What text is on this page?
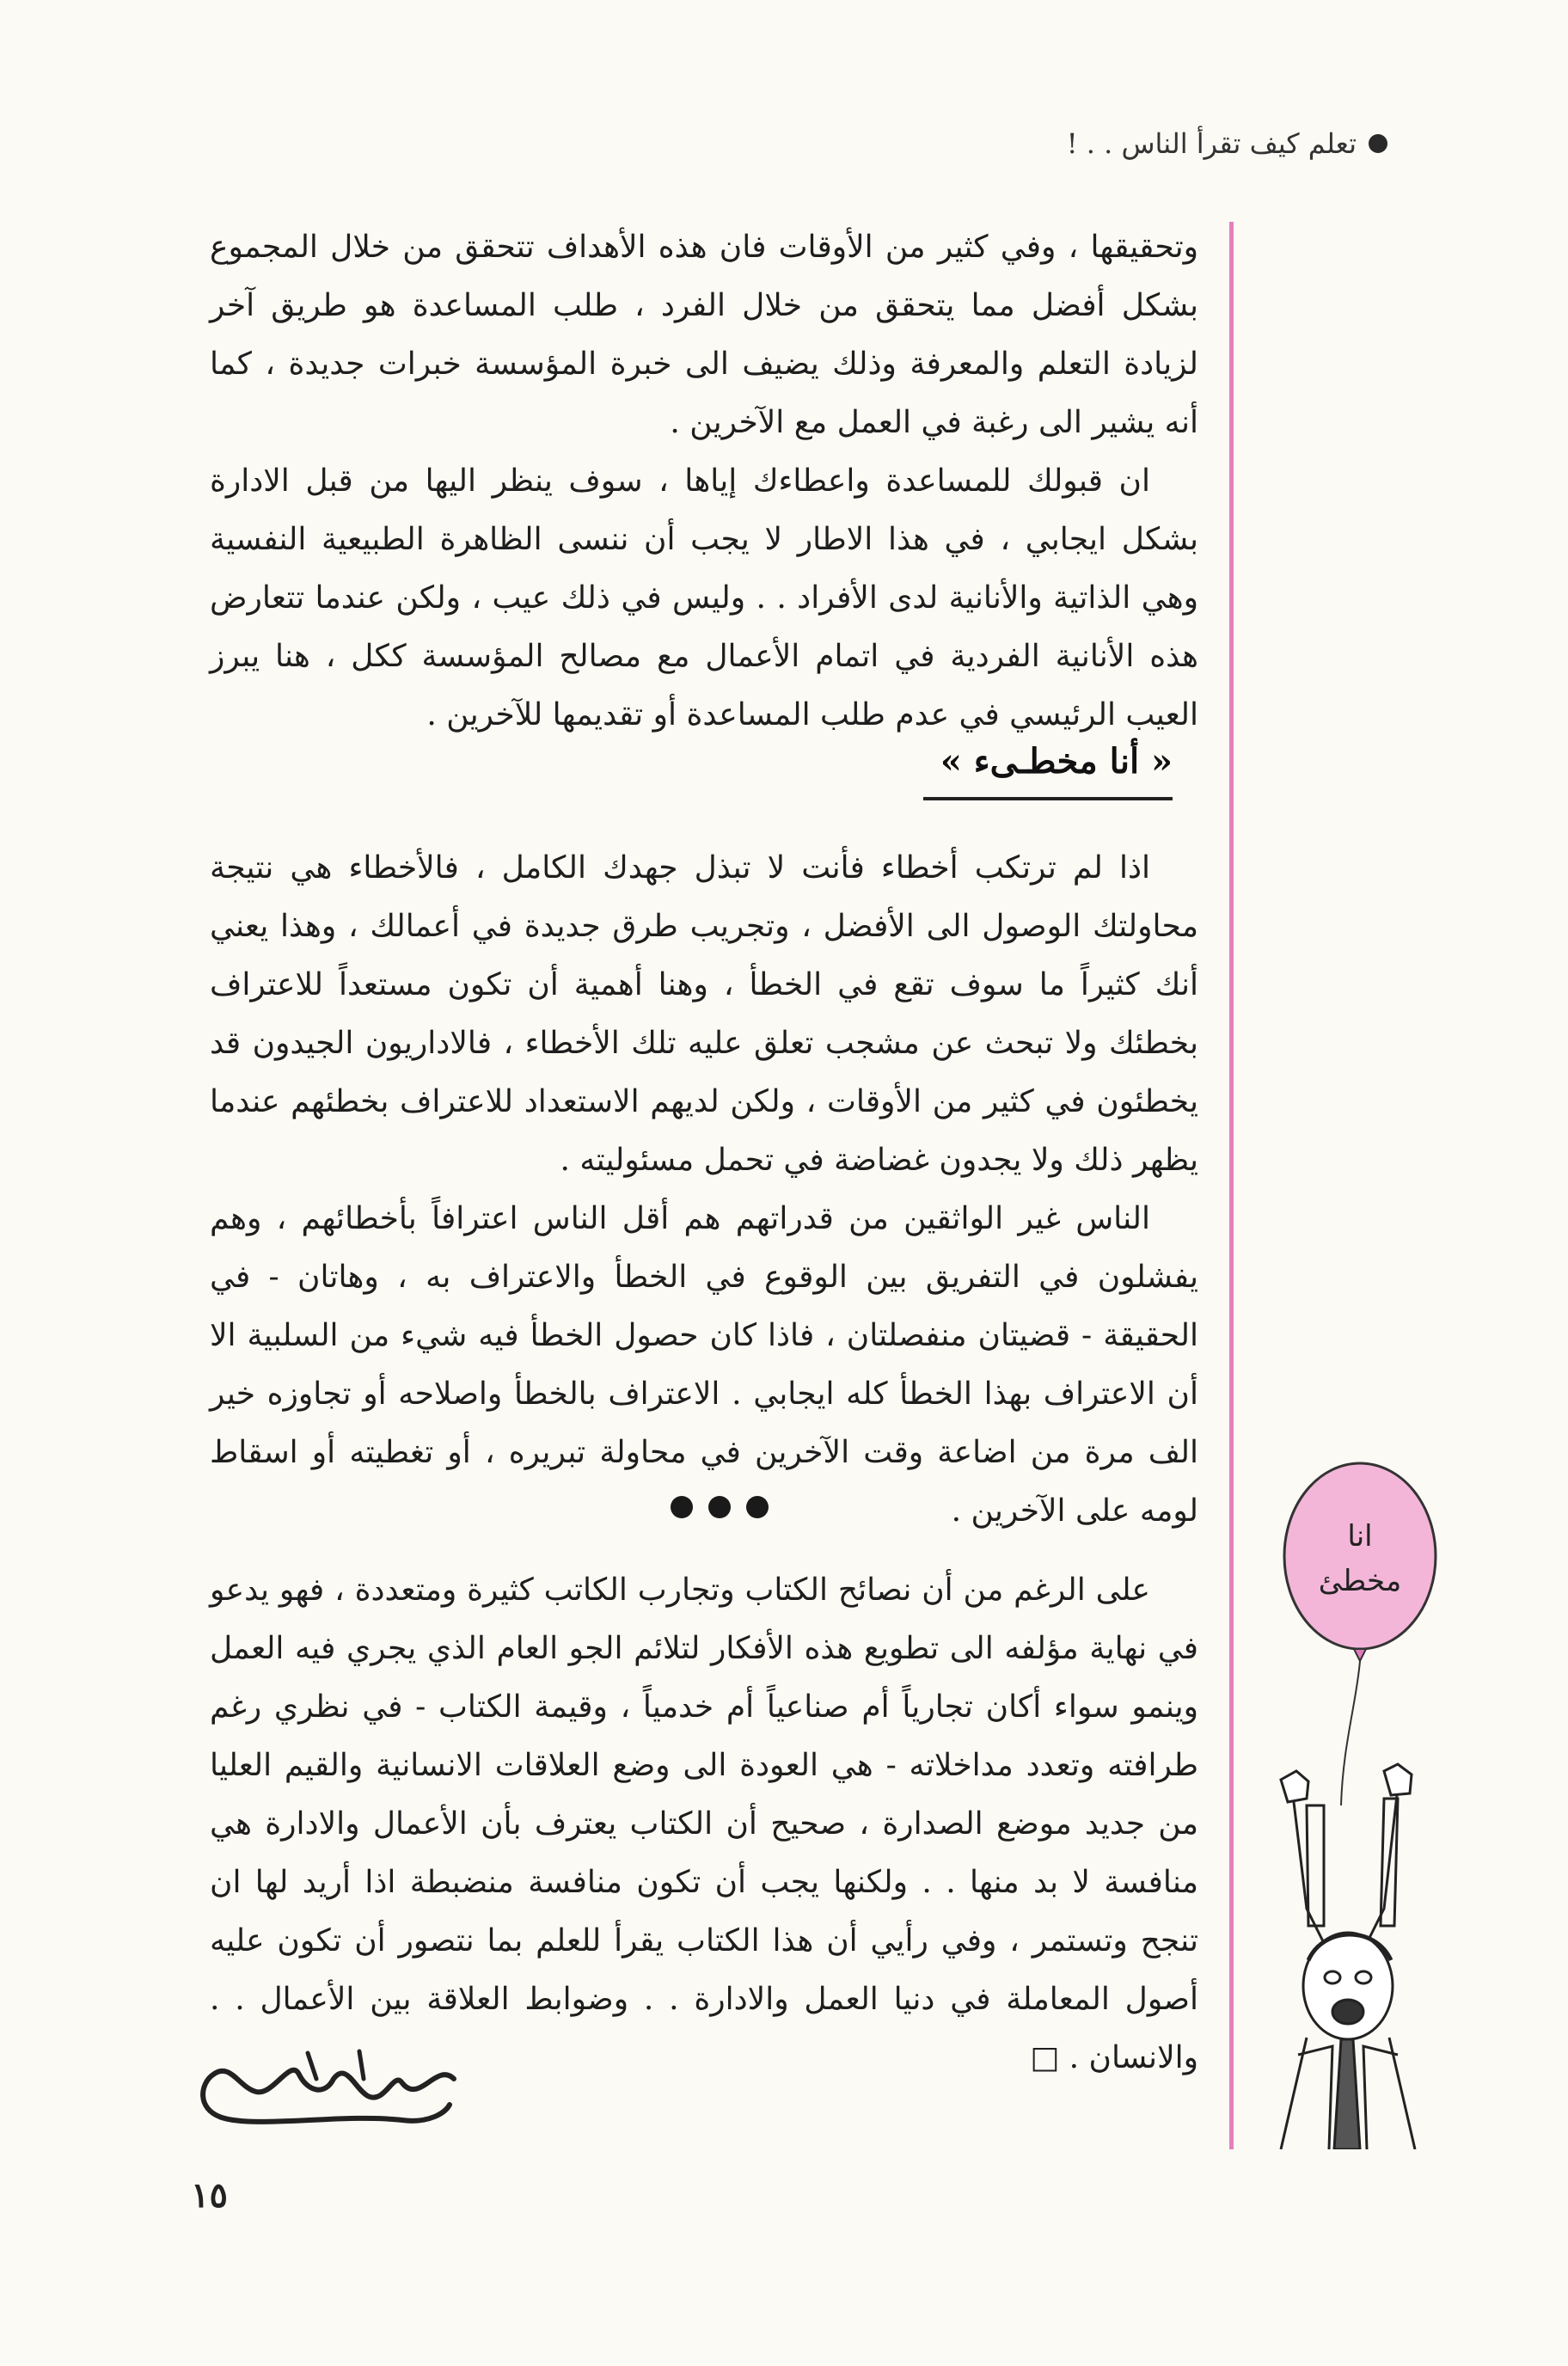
تعلم كيف تقرأ الناس . . !

وتحقيقها ، وفي كثير من الأوقات فان هذه الأهداف تتحقق من خلال المجموع بشكل أفضل مما يتحقق من خلال الفرد ، طلب المساعدة هو طريق آخر لزيادة التعلم والمعرفة وذلك يضيف الى خبرة المؤسسة خبرات جديدة ، كما أنه يشير الى رغبة في العمل مع الآخرين .

ان قبولك للمساعدة واعطاءك إياها ، سوف ينظر اليها من قبل الادارة بشكل ايجابي ، في هذا الاطار لا يجب أن ننسى الظاهرة الطبيعية النفسية وهي الذاتية والأنانية لدى الأفراد . . وليس في ذلك عيب ، ولكن عندما تتعارض هذه الأنانية الفردية في اتمام الأعمال مع مصالح المؤسسة ككل ، هنا يبرز العيب الرئيسي في عدم طلب المساعدة أو تقديمها للآخرين .

« أنا مخطـىء »

اذا لم ترتكب أخطاء فأنت لا تبذل جهدك الكامل ، فالأخطاء هي نتيجة محاولتك الوصول الى الأفضل ، وتجريب طرق جديدة في أعمالك ، وهذا يعني أنك كثيراً ما سوف تقع في الخطأ ، وهنا أهمية أن تكون مستعداً للاعتراف بخطئك ولا تبحث عن مشجب تعلق عليه تلك الأخطاء ، فالاداريون الجيدون قد يخطئون في كثير من الأوقات ، ولكن لديهم الاستعداد للاعتراف بخطئهم عندما يظهر ذلك ولا يجدون غضاضة في تحمل مسئوليته .

الناس غير الواثقين من قدراتهم هم أقل الناس اعترافاً بأخطائهم ، وهم يفشلون في التفريق بين الوقوع في الخطأ والاعتراف به ، وهاتان - في الحقيقة - قضيتان منفصلتان ، فاذا كان حصول الخطأ فيه شيء من السلبية الا أن الاعتراف بهذا الخطأ كله ايجابي . الاعتراف بالخطأ واصلاحه أو تجاوزه خير الف مرة من اضاعة وقت الآخرين في محاولة تبريره ، أو تغطيته أو اسقاط لومه على الآخرين .

على الرغم من أن نصائح الكتاب وتجارب الكاتب كثيرة ومتعددة ، فهو يدعو في نهاية مؤلفه الى تطويع هذه الأفكار لتلائم الجو العام الذي يجري فيه العمل وينمو سواء أكان تجارياً أم صناعياً أم خدمياً ، وقيمة الكتاب - في نظري رغم طرافته وتعدد مداخلاته - هي العودة الى وضع العلاقات الانسانية والقيم العليا من جديد موضع الصدارة ، صحيح أن الكتاب يعترف بأن الأعمال والادارة هي منافسة لا بد منها . . ولكنها يجب أن تكون منافسة منضبطة اذا أريد لها ان تنجح وتستمر ، وفي رأيي أن هذا الكتاب يقرأ للعلم بما نتصور أن تكون عليه أصول المعاملة في دنيا العمل والادارة . . وضوابط العلاقة بين الأعمال . . والانسان . □

انا
مخطئ
١٥
